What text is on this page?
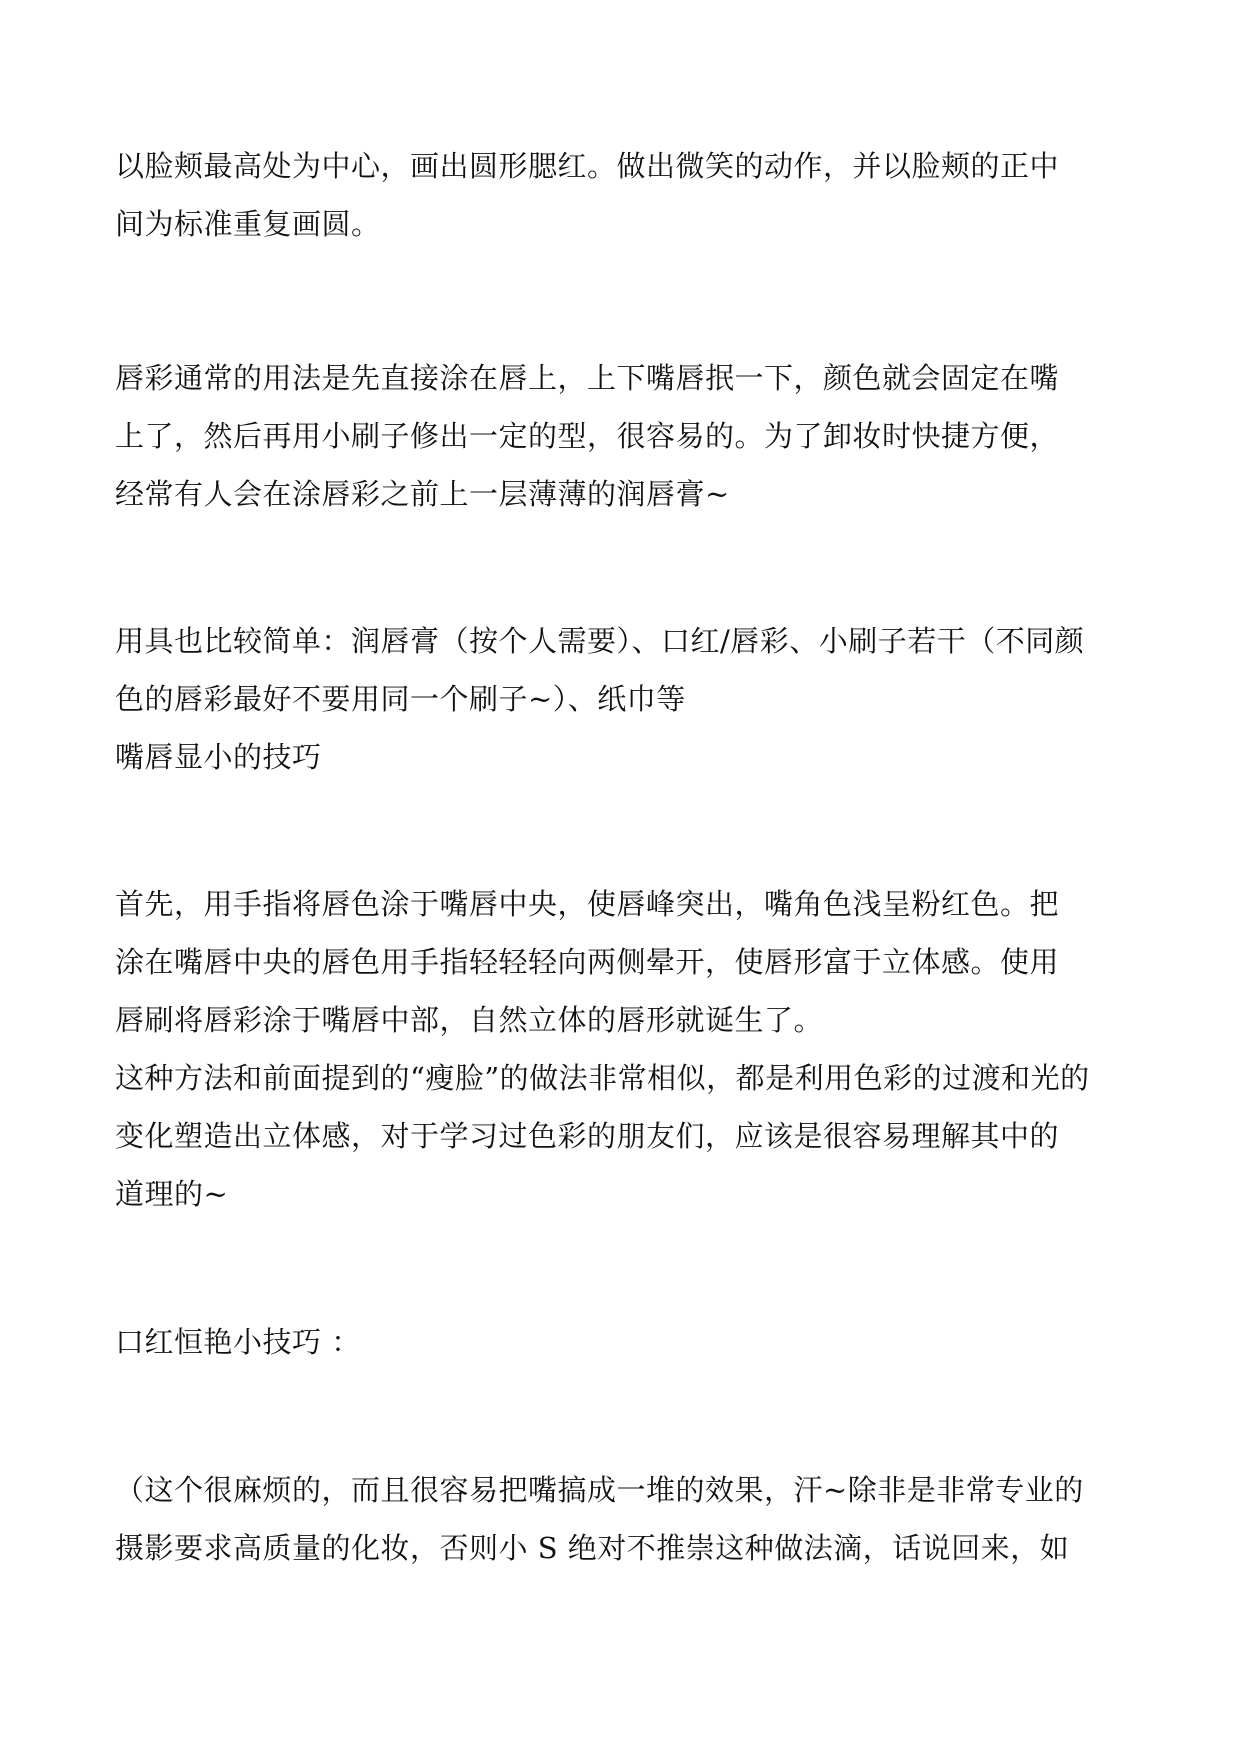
以脸颊最高处为中心，画出圆形腮红。做出微笑的动作，并以脸颊的正中
间为标准重复画圆。
唇彩通常的用法是先直接涂在唇上，上下嘴唇抿一下，颜色就会固定在嘴
上了，然后再用小刷子修出一定的型，很容易的。为了卸妆时快捷方便，
经常有人会在涂唇彩之前上一层薄薄的润唇膏~
用具也比较简单：润唇膏（按个人需要）、口红/唇彩、小刷子若干（不同颜
色的唇彩最好不要用同一个刷子~）、纸巾等
嘴唇显小的技巧
首先，用手指将唇色涂于嘴唇中央，使唇峰突出，嘴角色浅呈粉红色。把
涂在嘴唇中央的唇色用手指轻轻轻向两侧晕开，使唇形富于立体感。使用
唇刷将唇彩涂于嘴唇中部，自然立体的唇形就诞生了。
这种方法和前面提到的“瘦脸”的做法非常相似，都是利用色彩的过渡和光的
变化塑造出立体感，对于学习过色彩的朋友们，应该是很容易理解其中的
道理的~
口红恒艳小技巧 ：
（这个很麻烦的，而且很容易把嘴搞成一堆的效果，汗~除非是非常专业的
摄影要求高质量的化妆，否则小 S 绝对不推崇这种做法滴，话说回来，如
